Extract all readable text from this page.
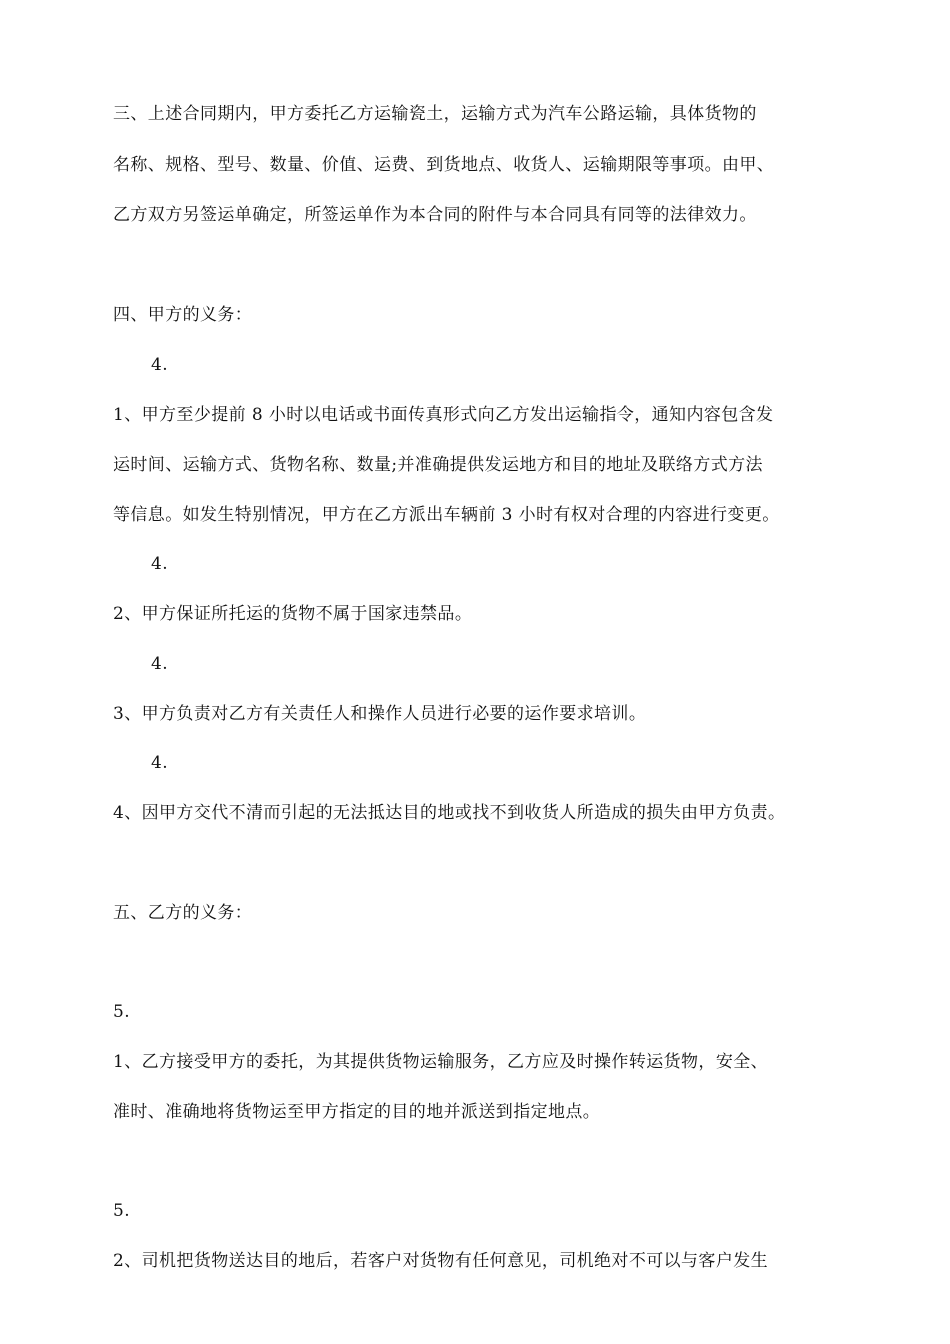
三、上述合同期内，甲方委托乙方运输瓷土，运输方式为汽车公路运输，具体货物的
名称、规格、型号、数量、价值、运费、到货地点、收货人、运输期限等事项。由甲、
乙方双方另签运单确定，所签运单作为本合同的附件与本合同具有同等的法律效力。
四、甲方的义务：
4.
1、甲方至少提前 8 小时以电话或书面传真形式向乙方发出运输指令，通知内容包含发
运时间、运输方式、货物名称、数量;并准确提供发运地方和目的地址及联络方式方法
等信息。如发生特别情况，甲方在乙方派出车辆前 3 小时有权对合理的内容进行变更。
4.
2、甲方保证所托运的货物不属于国家违禁品。
4.
3、甲方负责对乙方有关责任人和操作人员进行必要的运作要求培训。
4.
4、因甲方交代不清而引起的无法抵达目的地或找不到收货人所造成的损失由甲方负责。
五、乙方的义务：
5.
1、乙方接受甲方的委托，为其提供货物运输服务，乙方应及时操作转运货物，安全、
准时、准确地将货物运至甲方指定的目的地并派送到指定地点。
5.
2、司机把货物送达目的地后，若客户对货物有任何意见，司机绝对不可以与客户发生
